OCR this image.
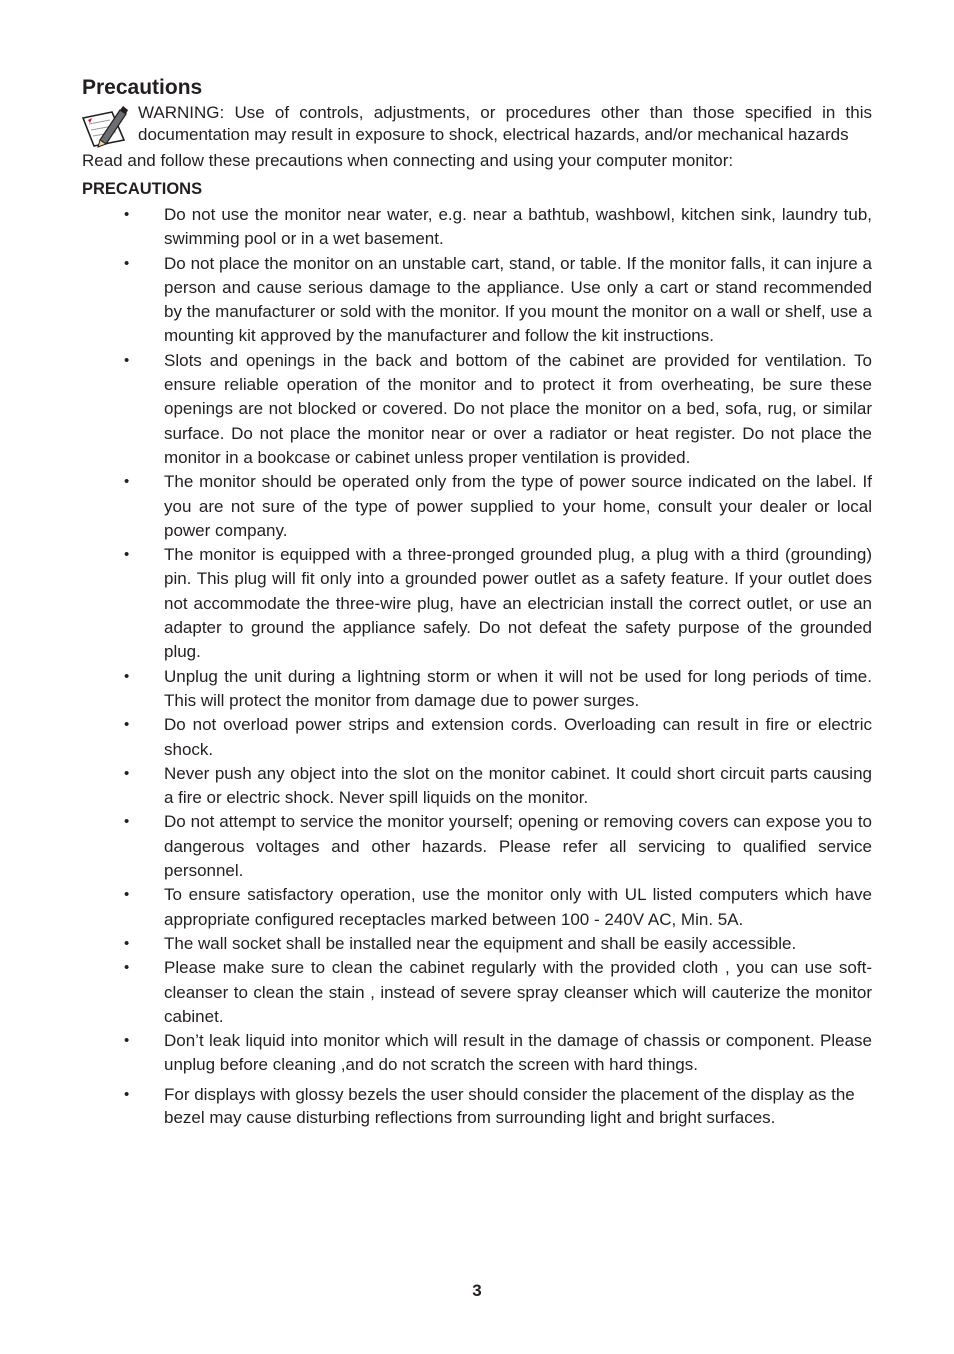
Precautions
WARNING: Use of controls, adjustments, or procedures other than those specified in this documentation may result in exposure to shock, electrical hazards, and/or mechanical hazards
Read and follow these precautions when connecting and using your computer monitor:
PRECAUTIONS
• Do not use the monitor near water, e.g. near a bathtub, washbowl, kitchen sink, laundry tub, swimming pool or in a wet basement.
• Do not place the monitor on an unstable cart, stand, or table. If the monitor falls, it can injure a person and cause serious damage to the appliance. Use only a cart or stand recommended by the manufacturer or sold with the monitor. If you mount the monitor on a wall or shelf, use a mounting kit approved by the manufacturer and follow the kit instructions.
• Slots and openings in the back and bottom of the cabinet are provided for ventilation. To ensure reliable operation of the monitor and to protect it from overheating, be sure these openings are not blocked or covered. Do not place the monitor on a bed, sofa, rug, or similar surface. Do not place the monitor near or over a radiator or heat register. Do not place the monitor in a bookcase or cabinet unless proper ventilation is provided.
• The monitor should be operated only from the type of power source indicated on the label. If you are not sure of the type of power supplied to your home, consult your dealer or local power company.
• The monitor is equipped with a three-pronged grounded plug, a plug with a third (grounding) pin. This plug will fit only into a grounded power outlet as a safety feature. If your outlet does not accommodate the three-wire plug, have an electrician install the correct outlet, or use an adapter to ground the appliance safely. Do not defeat the safety purpose of the grounded plug.
• Unplug the unit during a lightning storm or when it will not be used for long periods of time. This will protect the monitor from damage due to power surges.
• Do not overload power strips and extension cords. Overloading can result in fire or electric shock.
• Never push any object into the slot on the monitor cabinet. It could short circuit parts causing a fire or electric shock. Never spill liquids on the monitor.
• Do not attempt to service the monitor yourself; opening or removing covers can expose you to dangerous voltages and other hazards. Please refer all servicing to qualified service personnel.
• To ensure satisfactory operation, use the monitor only with UL listed computers which have appropriate configured receptacles marked between 100 - 240V AC, Min. 5A.
• The wall socket shall be installed near the equipment and shall be easily accessible.
• Please make sure to clean the cabinet regularly with the provided cloth , you can use soft-cleanser to clean the stain , instead of severe spray cleanser which will cauterize the monitor cabinet.
• Don’t leak liquid into monitor which will result in the damage of chassis or component. Please unplug before cleaning ,and do not scratch the screen with hard things.
• For displays with glossy bezels the user should consider the placement of the display as the bezel may cause disturbing reflections from surrounding light and bright surfaces.
3
